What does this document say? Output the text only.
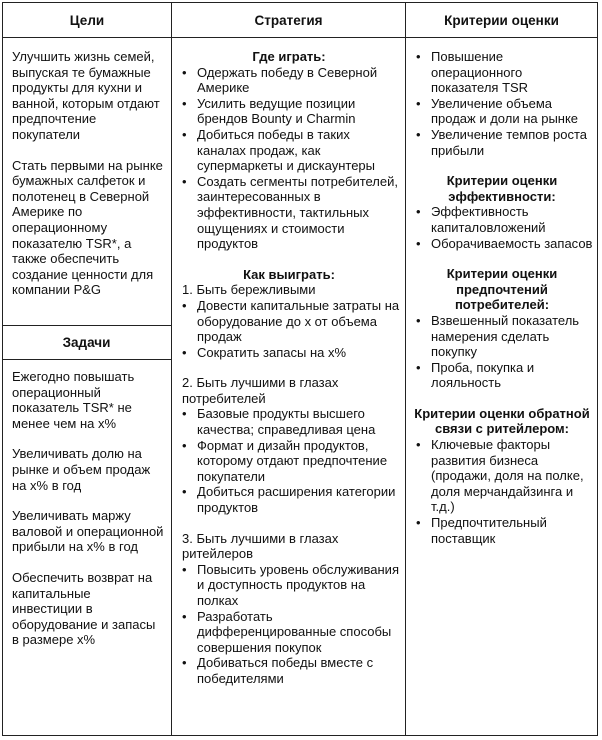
Цели	Стратегия	Критерии оценки

Улучшить жизнь семей, выпуская те бумажные продукты для кухни и ванной, которым отдают предпочтение покупатели

Стать первыми на рынке бумажных салфеток и полотенец в Северной Америке по операционному показателю TSR*, а также обеспечить создание ценности для компании P&G

Задачи

Ежегодно повышать операционный показатель TSR* не менее чем на х%

Увеличивать долю на рынке и объем продаж на х% в год

Увеличивать маржу валовой и операционной прибыли на х% в год

Обеспечить возврат на капитальные инвестиции в оборудование и запасы в размере х%

Где играть:

• Одержать победу в Северной Америке
• Усилить ведущие позиции брендов Bounty и Charmin
• Добиться победы в таких каналах продаж, как супермаркеты и дискаунтеры
• Создать сегменты потребителей, заинтересованных в эффективности, тактильных ощущениях и стоимости продуктов

Как выиграть:

1. Быть бережливыми

• Довести капитальные затраты на оборудование до х от объема продаж
• Сократить запасы на х%

2. Быть лучшими в глазах потребителей

• Базовые продукты высшего качества; справедливая цена
• Формат и дизайн продуктов, которому отдают предпочтение покупатели
• Добиться расширения категории продуктов

3. Быть лучшими в глазах ритейлеров

• Повысить уровень обслуживания и доступность продуктов на полках
• Разработать дифференцированные способы совершения покупок
• Добиваться победы вместе с победителями
• Повышение операционного показателя TSR
• Увеличение объема продаж и доли на рынке
• Увеличение темпов роста прибыли

Критерии оценки эффективности:

• Эффективность капиталовложений
• Оборачиваемость запасов

Критерии оценки предпочтений потребителей:

• Взвешенный показатель намерения сделать покупку
• Проба, покупка и лояльность

Критерии оценки обратной связи с ритейлером:

• Ключевые факторы развития бизнеса (продажи, доля на полке, доля мерчандайзинга и т.д.)
• Предпочтительный поставщик
